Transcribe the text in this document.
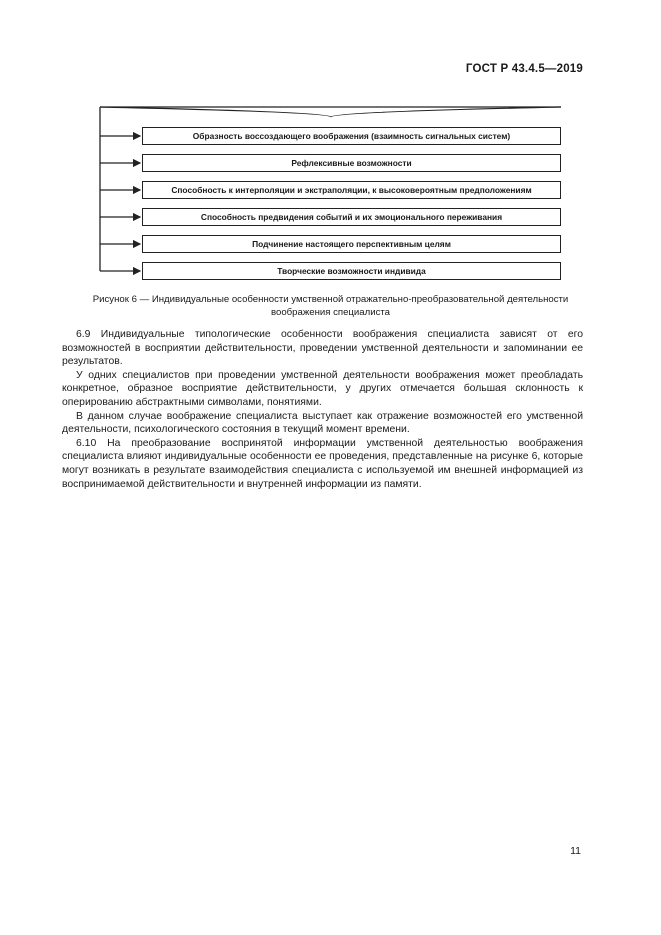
ГОСТ Р 43.4.5—2019
Образность воссоздающего воображения (взаимность сигнальных систем)
Рефлексивные возможности
Способность к интерполяции и экстраполяции, к высоковероятным предположениям
Способность предвидения событий и их эмоционального переживания
Подчинение настоящего перспективным целям
Творческие возможности индивида
Рисунок 6 — Индивидуальные особенности умственной отражательно-преобразовательной деятельности
воображения специалиста

6.9 Индивидуальные типологические особенности воображения специалиста зависят от его возможностей в восприятии действительности, проведении умственной деятельности и запоминании ее результатов.

У одних специалистов при проведении умственной деятельности воображения может преобладать конкретное, образное восприятие действительности, у других отмечается большая склонность к оперированию абстрактными символами, понятиями.

В данном случае воображение специалиста выступает как отражение возможностей его умственной деятельности, психологического состояния в текущий момент времени.

6.10 На преобразование воспринятой информации умственной деятельностью воображения специалиста влияют индивидуальные особенности ее проведения, представленные на рисунке 6, которые могут возникать в результате взаимодействия специалиста с используемой им внешней информацией из воспринимаемой действительности и внутренней информации из памяти.

11
